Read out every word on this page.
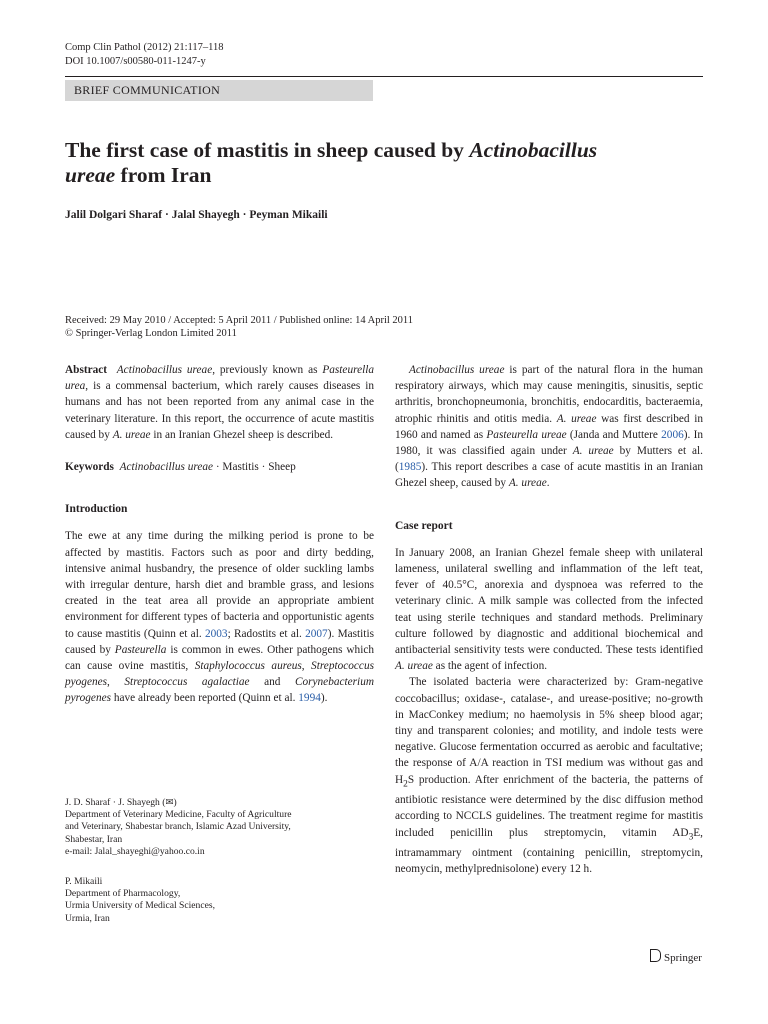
Comp Clin Pathol (2012) 21:117–118
DOI 10.1007/s00580-011-1247-y
BRIEF COMMUNICATION
The first case of mastitis in sheep caused by Actinobacillus
ureae from Iran
Jalil Dolgari Sharaf · Jalal Shayegh · Peyman Mikaili
Received: 29 May 2010 / Accepted: 5 April 2011 / Published online: 14 April 2011
© Springer-Verlag London Limited 2011

Abstract Actinobacillus ureae, previously known as Pasteurella urea, is a commensal bacterium, which rarely causes diseases in humans and has not been reported from any animal case in the veterinary literature. In this report, the occurrence of acute mastitis caused by A. ureae in an Iranian Ghezel sheep is described.

Keywords Actinobacillus ureae · Mastitis · Sheep

Introduction

The ewe at any time during the milking period is prone to be affected by mastitis. Factors such as poor and dirty bedding, intensive animal husbandry, the presence of older suckling lambs with irregular denture, harsh diet and bramble grass, and lesions created in the teat area all provide an appropriate ambient environment for different types of bacteria and opportunistic agents to cause mastitis (Quinn et al. 2003; Radostits et al. 2007). Mastitis caused by Pasteurella is common in ewes. Other pathogens which can cause ovine mastitis, Staphylococcus aureus, Streptococcus pyogenes, Streptococcus agalactiae and Corynebacterium pyrogenes have already been reported (Quinn et al. 1994).

J. D. Sharaf · J. Shayegh (✉)
Department of Veterinary Medicine, Faculty of Agriculture
and Veterinary, Shabestar branch, Islamic Azad University,
Shabestar, Iran
e-mail: Jalal_shayeghi@yahoo.co.in
P. Mikaili
Department of Pharmacology,
Urmia University of Medical Sciences,
Urmia, Iran

Actinobacillus ureae is part of the natural flora in the human respiratory airways, which may cause meningitis, sinusitis, septic arthritis, bronchopneumonia, bronchitis, endocarditis, bacteraemia, atrophic rhinitis and otitis media. A. ureae was first described in 1960 and named as Pasteurella ureae (Janda and Muttere 2006). In 1980, it was classified again under A. ureae by Mutters et al. (1985). This report describes a case of acute mastitis in an Iranian Ghezel sheep, caused by A. ureae.

Case report

In January 2008, an Iranian Ghezel female sheep with unilateral lameness, unilateral swelling and inflammation of the left teat, fever of 40.5°C, anorexia and dyspnoea was referred to the veterinary clinic. A milk sample was collected from the infected teat using sterile techniques and standard methods. Preliminary culture followed by diagnostic and additional biochemical and antibacterial sensitivity tests were conducted. These tests identified A. ureae as the agent of infection.

The isolated bacteria were characterized by: Gram-negative coccobacillus; oxidase-, catalase-, and urease-positive; no-growth in MacConkey medium; no haemolysis in 5% sheep blood agar; tiny and transparent colonies; and motility, and indole tests were negative. Glucose fermentation occurred as aerobic and facultative; the response of A/A reaction in TSI medium was without gas and $H_2S$ production. After enrichment of the bacteria, the patterns of antibiotic resistance were determined by the disc diffusion method according to NCCLS guidelines. The treatment regime for mastitis included penicillin plus streptomycin, vitamin $AD_3E$, intramammary ointment (containing penicillin, streptomycin, neomycin, methylprednisolone) every 12 h.

Springer
